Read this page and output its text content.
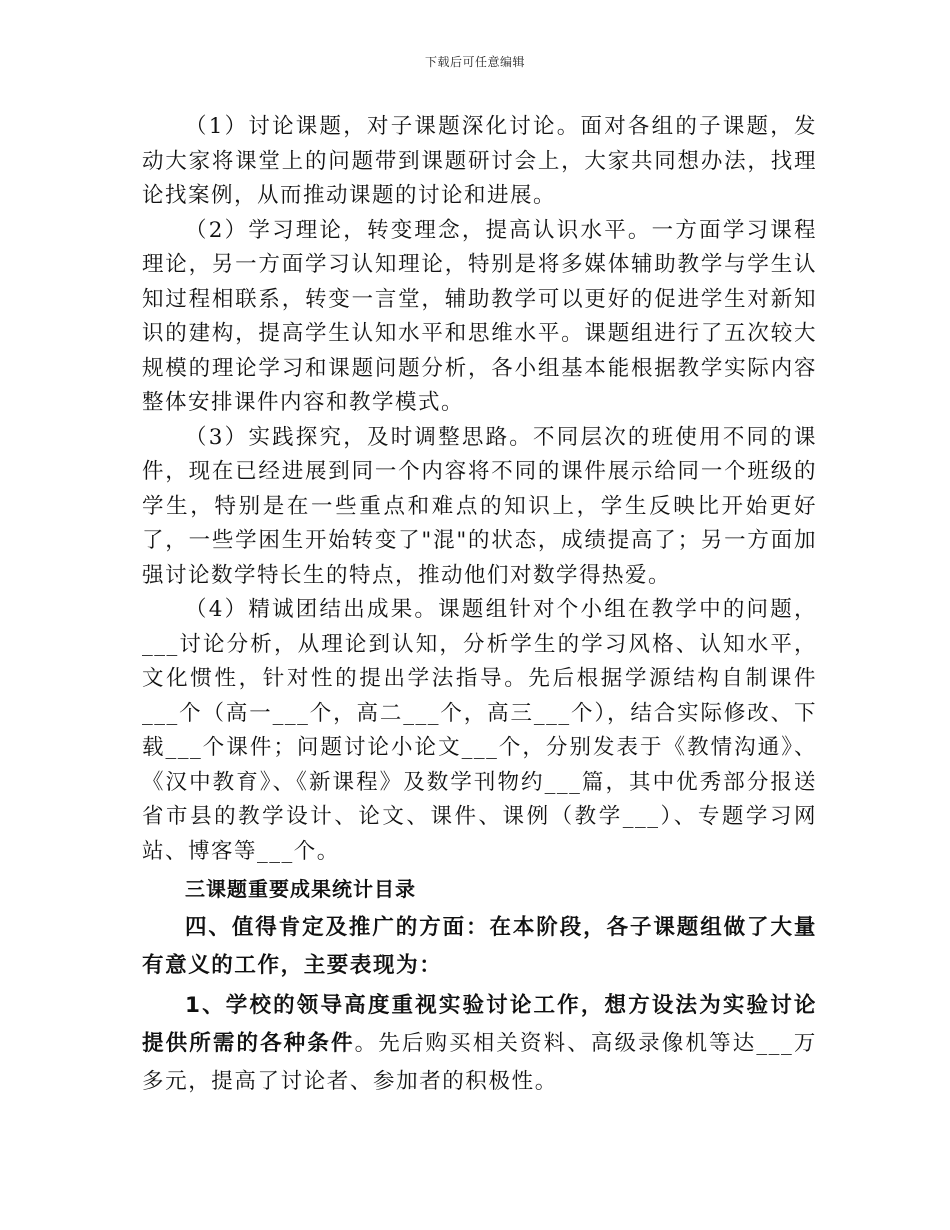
下载后可任意编辑

（1）讨论课题，对子课题深化讨论。面对各组的子课题，发动大家将课堂上的问题带到课题研讨会上，大家共同想办法，找理论找案例，从而推动课题的讨论和进展。

（2）学习理论，转变理念，提高认识水平。一方面学习课程理论，另一方面学习认知理论，特别是将多媒体辅助教学与学生认知过程相联系，转变一言堂，辅助教学可以更好的促进学生对新知识的建构，提高学生认知水平和思维水平。课题组进行了五次较大规模的理论学习和课题问题分析，各小组基本能根据教学实际内容整体安排课件内容和教学模式。

（3）实践探究，及时调整思路。不同层次的班使用不同的课件，现在已经进展到同一个内容将不同的课件展示给同一个班级的学生，特别是在一些重点和难点的知识上，学生反映比开始更好了，一些学困生开始转变了"混"的状态，成绩提高了；另一方面加强讨论数学特长生的特点，推动他们对数学得热爱。

（4）精诚团结出成果。课题组针对个小组在教学中的问题，___讨论分析，从理论到认知，分析学生的学习风格、认知水平，文化惯性，针对性的提出学法指导。先后根据学源结构自制课件___个（高一___个，高二___个，高三___个），结合实际修改、下载___个课件；问题讨论小论文___个，分别发表于《教情沟通》、《汉中教育》、《新课程》及数学刊物约___篇，其中优秀部分报送省市县的教学设计、论文、课件、课例（教学___）、专题学习网站、博客等___个。

三课题重要成果统计目录

四、值得肯定及推广的方面：在本阶段，各子课题组做了大量有意义的工作，主要表现为：

1、学校的领导高度重视实验讨论工作，想方设法为实验讨论提供所需的各种条件。先后购买相关资料、高级录像机等达___万多元，提高了讨论者、参加者的积极性。
